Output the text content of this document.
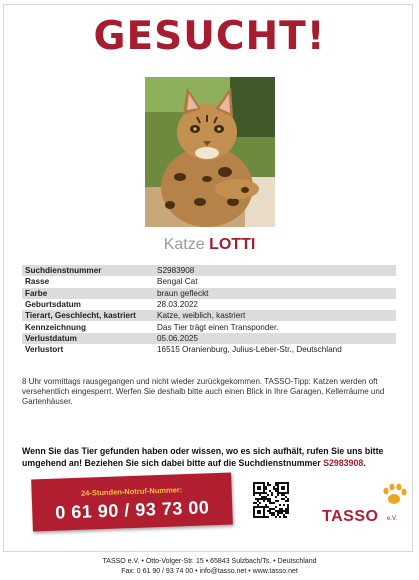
GESUCHT!
Katze LOTTI
Suchdienstnummer	S2983908
Rasse	Bengal Cat
Farbe	braun gefleckt
Geburtsdatum	28.03.2022
Tierart, Geschlecht, kastriert	Katze, weiblich, kastriert
Kennzeichnung	Das Tier trägt einen Transponder.
Verlustdatum	05.06.2025
Verlustort	16515 Oranienburg, Julius-Leber-Str., Deutschland
8 Uhr vormittags rausgegangen und nicht wieder zurückgekommen. TASSO-Tipp: Katzen werden oft versehentlich eingesperrt. Werfen Sie deshalb bitte auch einen Blick in Ihre Garagen, Kellerräume und Gartenhäuser.
Wenn Sie das Tier gefunden haben oder wissen, wo es sich aufhält, rufen Sie uns bitte umgehend an! Beziehen Sie sich dabei bitte auf die Suchdienstnummer S2983908.
24-Stunden-Notruf-Nummer:
0 61 90 / 93 73 00	TASSO e.V.
TASSO e.V. • Otto-Volger-Str. 15 • 65843 Sulzbach/Ts. • Deutschland
Fax: 0 61 90 / 93 74 00 • info@tasso.net • www.tasso.net
